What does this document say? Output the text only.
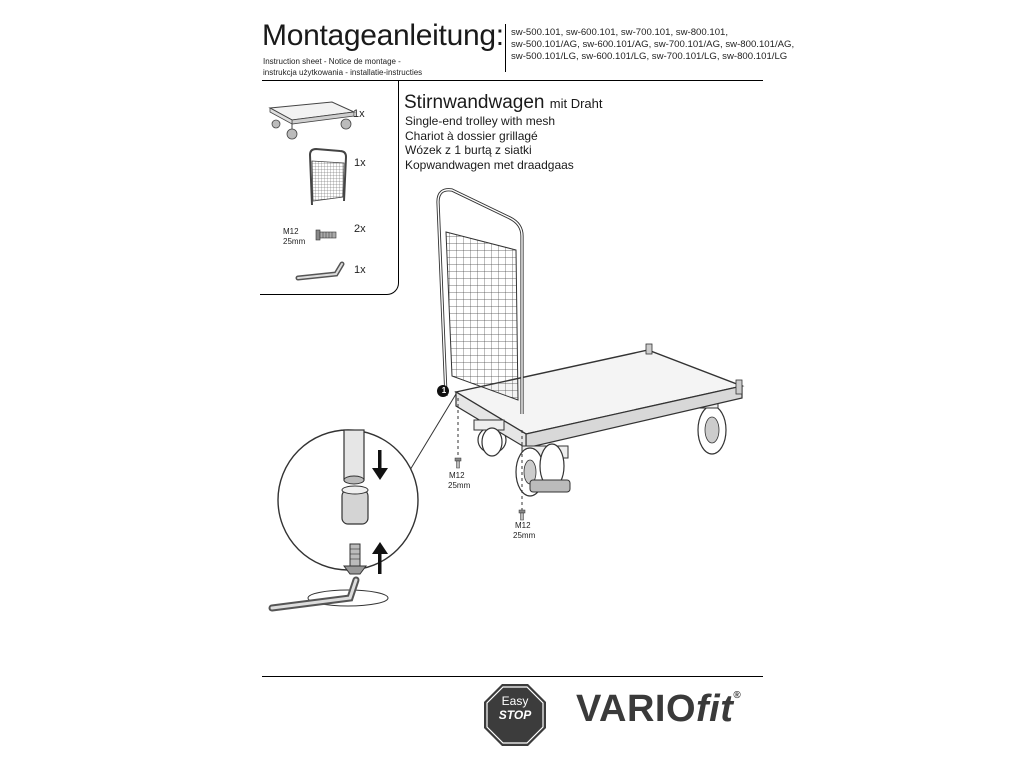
Montageanleitung:
Instruction sheet - Notice de montage -
instrukcja użytkowania - installatie-instructies
sw-500.101, sw-600.101, sw-700.101, sw-800.101,
sw-500.101/AG, sw-600.101/AG, sw-700.101/AG, sw-800.101/AG,
sw-500.101/LG, sw-600.101/LG, sw-700.101/LG, sw-800.101/LG
1x
1x
M12
25mm
2x
1x
Stirnwandwagen mit Draht
Single-end trolley with mesh
Chariot à dossier grillagé
Wózek z 1 burtą z siatki
Kopwandwagen met draadgaas
1
M12
25mm
M12
25mm
Easy
STOP	VARIOfit®
